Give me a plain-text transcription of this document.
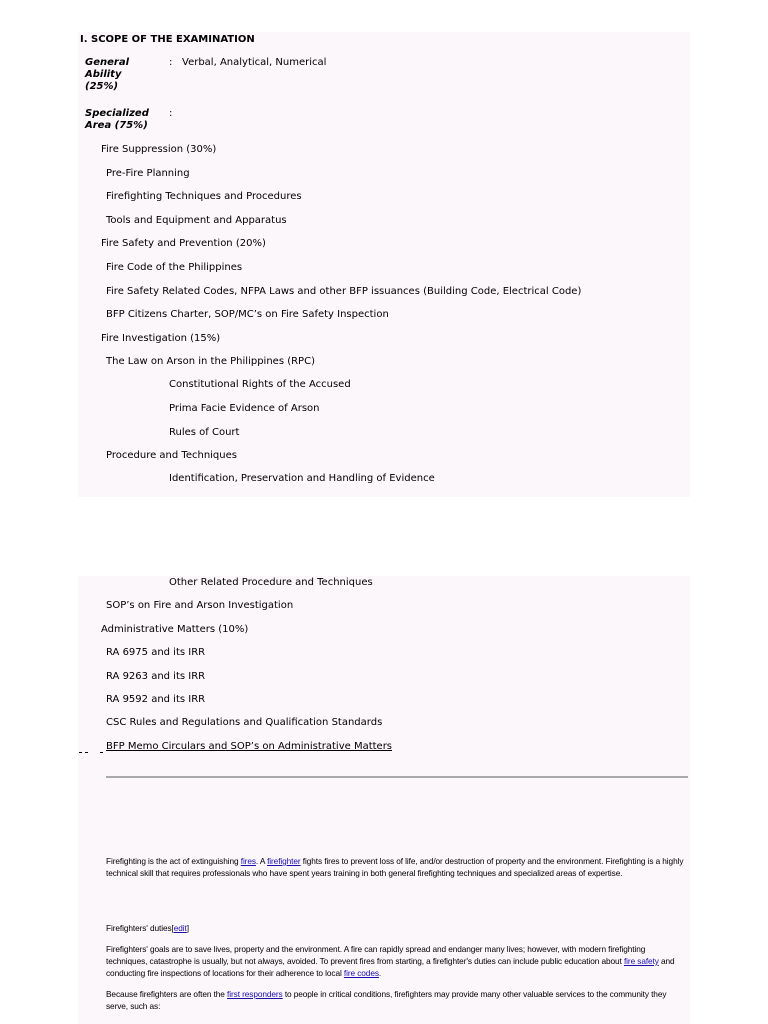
I. SCOPE OF THE EXAMINATION
General Ability (25%)
: Verbal, Analytical, Numerical
Specialized Area (75%)
:
Fire Suppression (30%)
Pre-Fire Planning
Firefighting Techniques and Procedures
Tools and Equipment and Apparatus
Fire Safety and Prevention (20%)
Fire Code of the Philippines
Fire Safety Related Codes, NFPA Laws and other BFP issuances (Building Code, Electrical Code)
BFP Citizens Charter, SOP/MC’s on Fire Safety Inspection
Fire Investigation (15%)
The Law on Arson in the Philippines (RPC)
Constitutional Rights of the Accused
Prima Facie Evidence of Arson
Rules of Court
Procedure and Techniques
Identification, Preservation and Handling of Evidence
Other Related Procedure and Techniques
SOP’s on Fire and Arson Investigation
Administrative Matters (10%)
RA 6975 and its IRR
RA 9263 and its IRR
RA 9592 and its IRR
CSC Rules and Regulations and Qualification Standards
BFP Memo Circulars and SOP’s on Administrative Matters
Firefighting is the act of extinguishing fires. A firefighter fights fires to prevent loss of life, and/or destruction of property and the environment. Firefighting is a highly technical skill that requires professionals who have spent years training in both general firefighting techniques and specialized areas of expertise.
Firefighters' duties[edit]
Firefighters' goals are to save lives, property and the environment. A fire can rapidly spread and endanger many lives; however, with modern firefighting techniques, catastrophe is usually, but not always, avoided. To prevent fires from starting, a firefighter's duties can include public education about fire safety and conducting fire inspections of locations for their adherence to local fire codes.
Because firefighters are often the first responders to people in critical conditions, firefighters may provide many other valuable services to the community they serve, such as:
